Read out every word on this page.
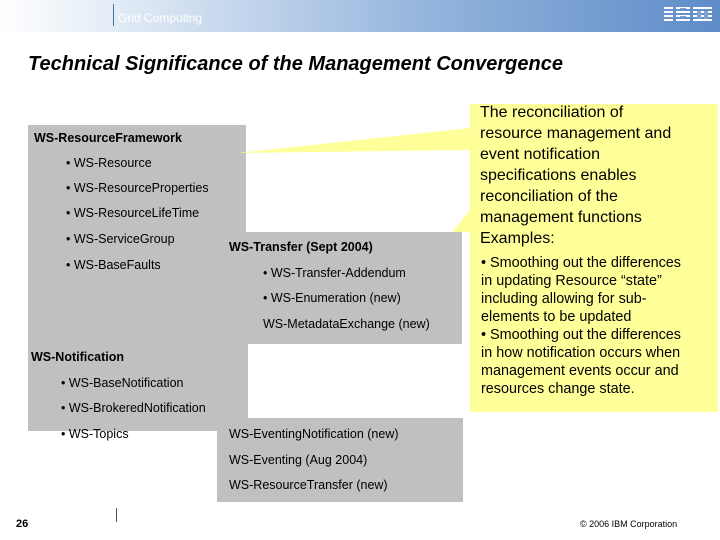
Grid Computing
Technical Significance of the Management Convergence
WS-ResourceFramework
• WS-Resource
• WS-ResourceProperties
• WS-ResourceLifeTime
• WS-ServiceGroup
• WS-BaseFaults
WS-Transfer (Sept 2004)
• WS-Transfer-Addendum
• WS-Enumeration (new)
WS-MetadataExchange (new)
WS-Notification
• WS-BaseNotification
• WS-BrokeredNotification
• WS-Topics	WS-EventingNotification (new)
WS-Eventing (Aug 2004)
WS-ResourceTransfer (new)
The reconciliation of
resource management and
event notification
specifications enables
reconciliation of the
management functions
Examples:
• Smoothing out the differences
in updating Resource “state”
including allowing for sub-
elements to be updated
• Smoothing out the differences
in how notification occurs when
management events occur and
resources change state.
26	© 2006 IBM Corporation
